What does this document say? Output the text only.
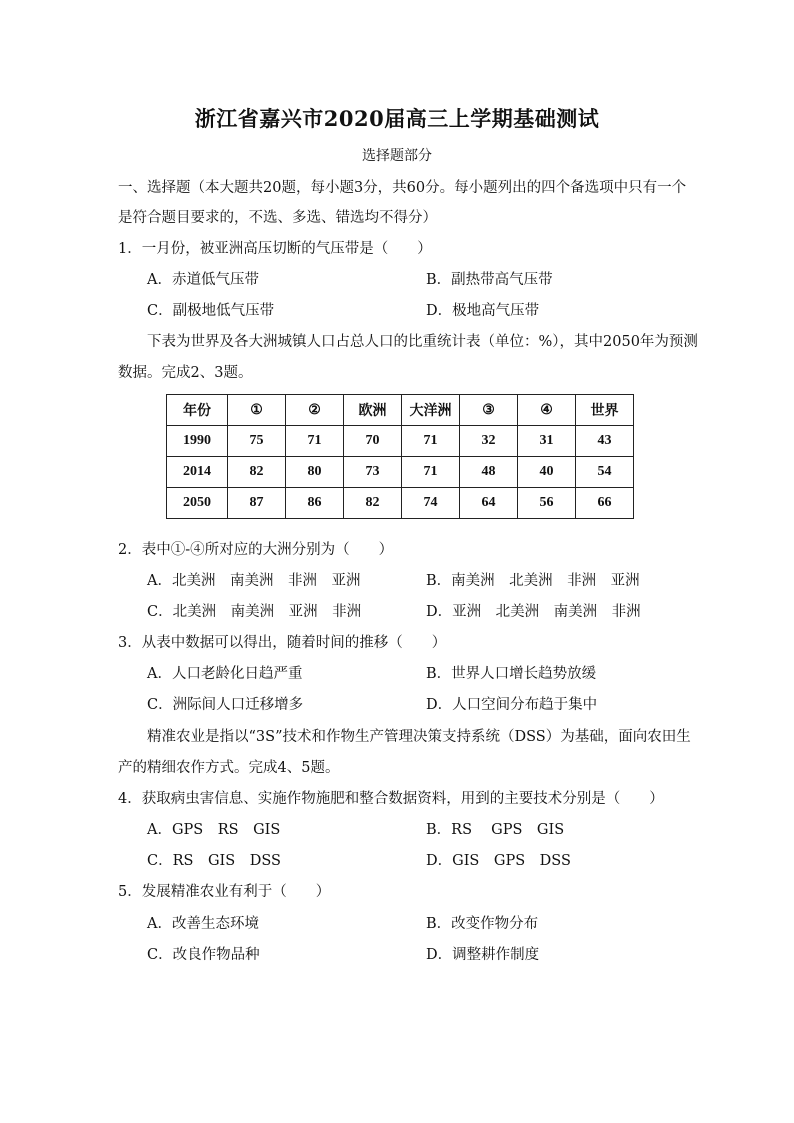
浙江省嘉兴市2020届高三上学期基础测试
选择题部分
一、选择题（本大题共20题，每小题3分，共60分。每小题列出的四个备选项中只有一个
是符合题目要求的，不选、多选、错选均不得分）
1．一月份，被亚洲高压切断的气压带是（　　）
A．赤道低气压带	B．副热带高气压带
C．副极地低气压带	D．极地高气压带
下表为世界及各大洲城镇人口占总人口的比重统计表（单位：%），其中2050年为预测
数据。完成2、3题。
年份	①	②	欧洲	大洋洲	③	④	世界
1990	75	71	70	71	32	31	43
2014	82	80	73	71	48	40	54
2050	87	86	82	74	64	56	66
2．表中①-④所对应的大洲分别为（　　）
A．北美洲　南美洲　非洲　亚洲	B．南美洲　北美洲　非洲　亚洲
C．北美洲　南美洲　亚洲　非洲	D．亚洲　北美洲　南美洲　非洲
3．从表中数据可以得出，随着时间的推移（　　）
A．人口老龄化日趋严重	B．世界人口增长趋势放缓
C．洲际间人口迁移增多	D．人口空间分布趋于集中
精准农业是指以“3S”技术和作物生产管理决策支持系统（DSS）为基础，面向农田生
产的精细农作方式。完成4、5题。
4．获取病虫害信息、实施作物施肥和整合数据资料，用到的主要技术分别是（　　）
A．GPS　RS　GIS	B．RS　 GPS　GIS
C．RS　GIS　DSS	D．GIS　GPS　DSS
5．发展精准农业有利于（　　）
A．改善生态环境	B．改变作物分布
C．改良作物品种	D．调整耕作制度
